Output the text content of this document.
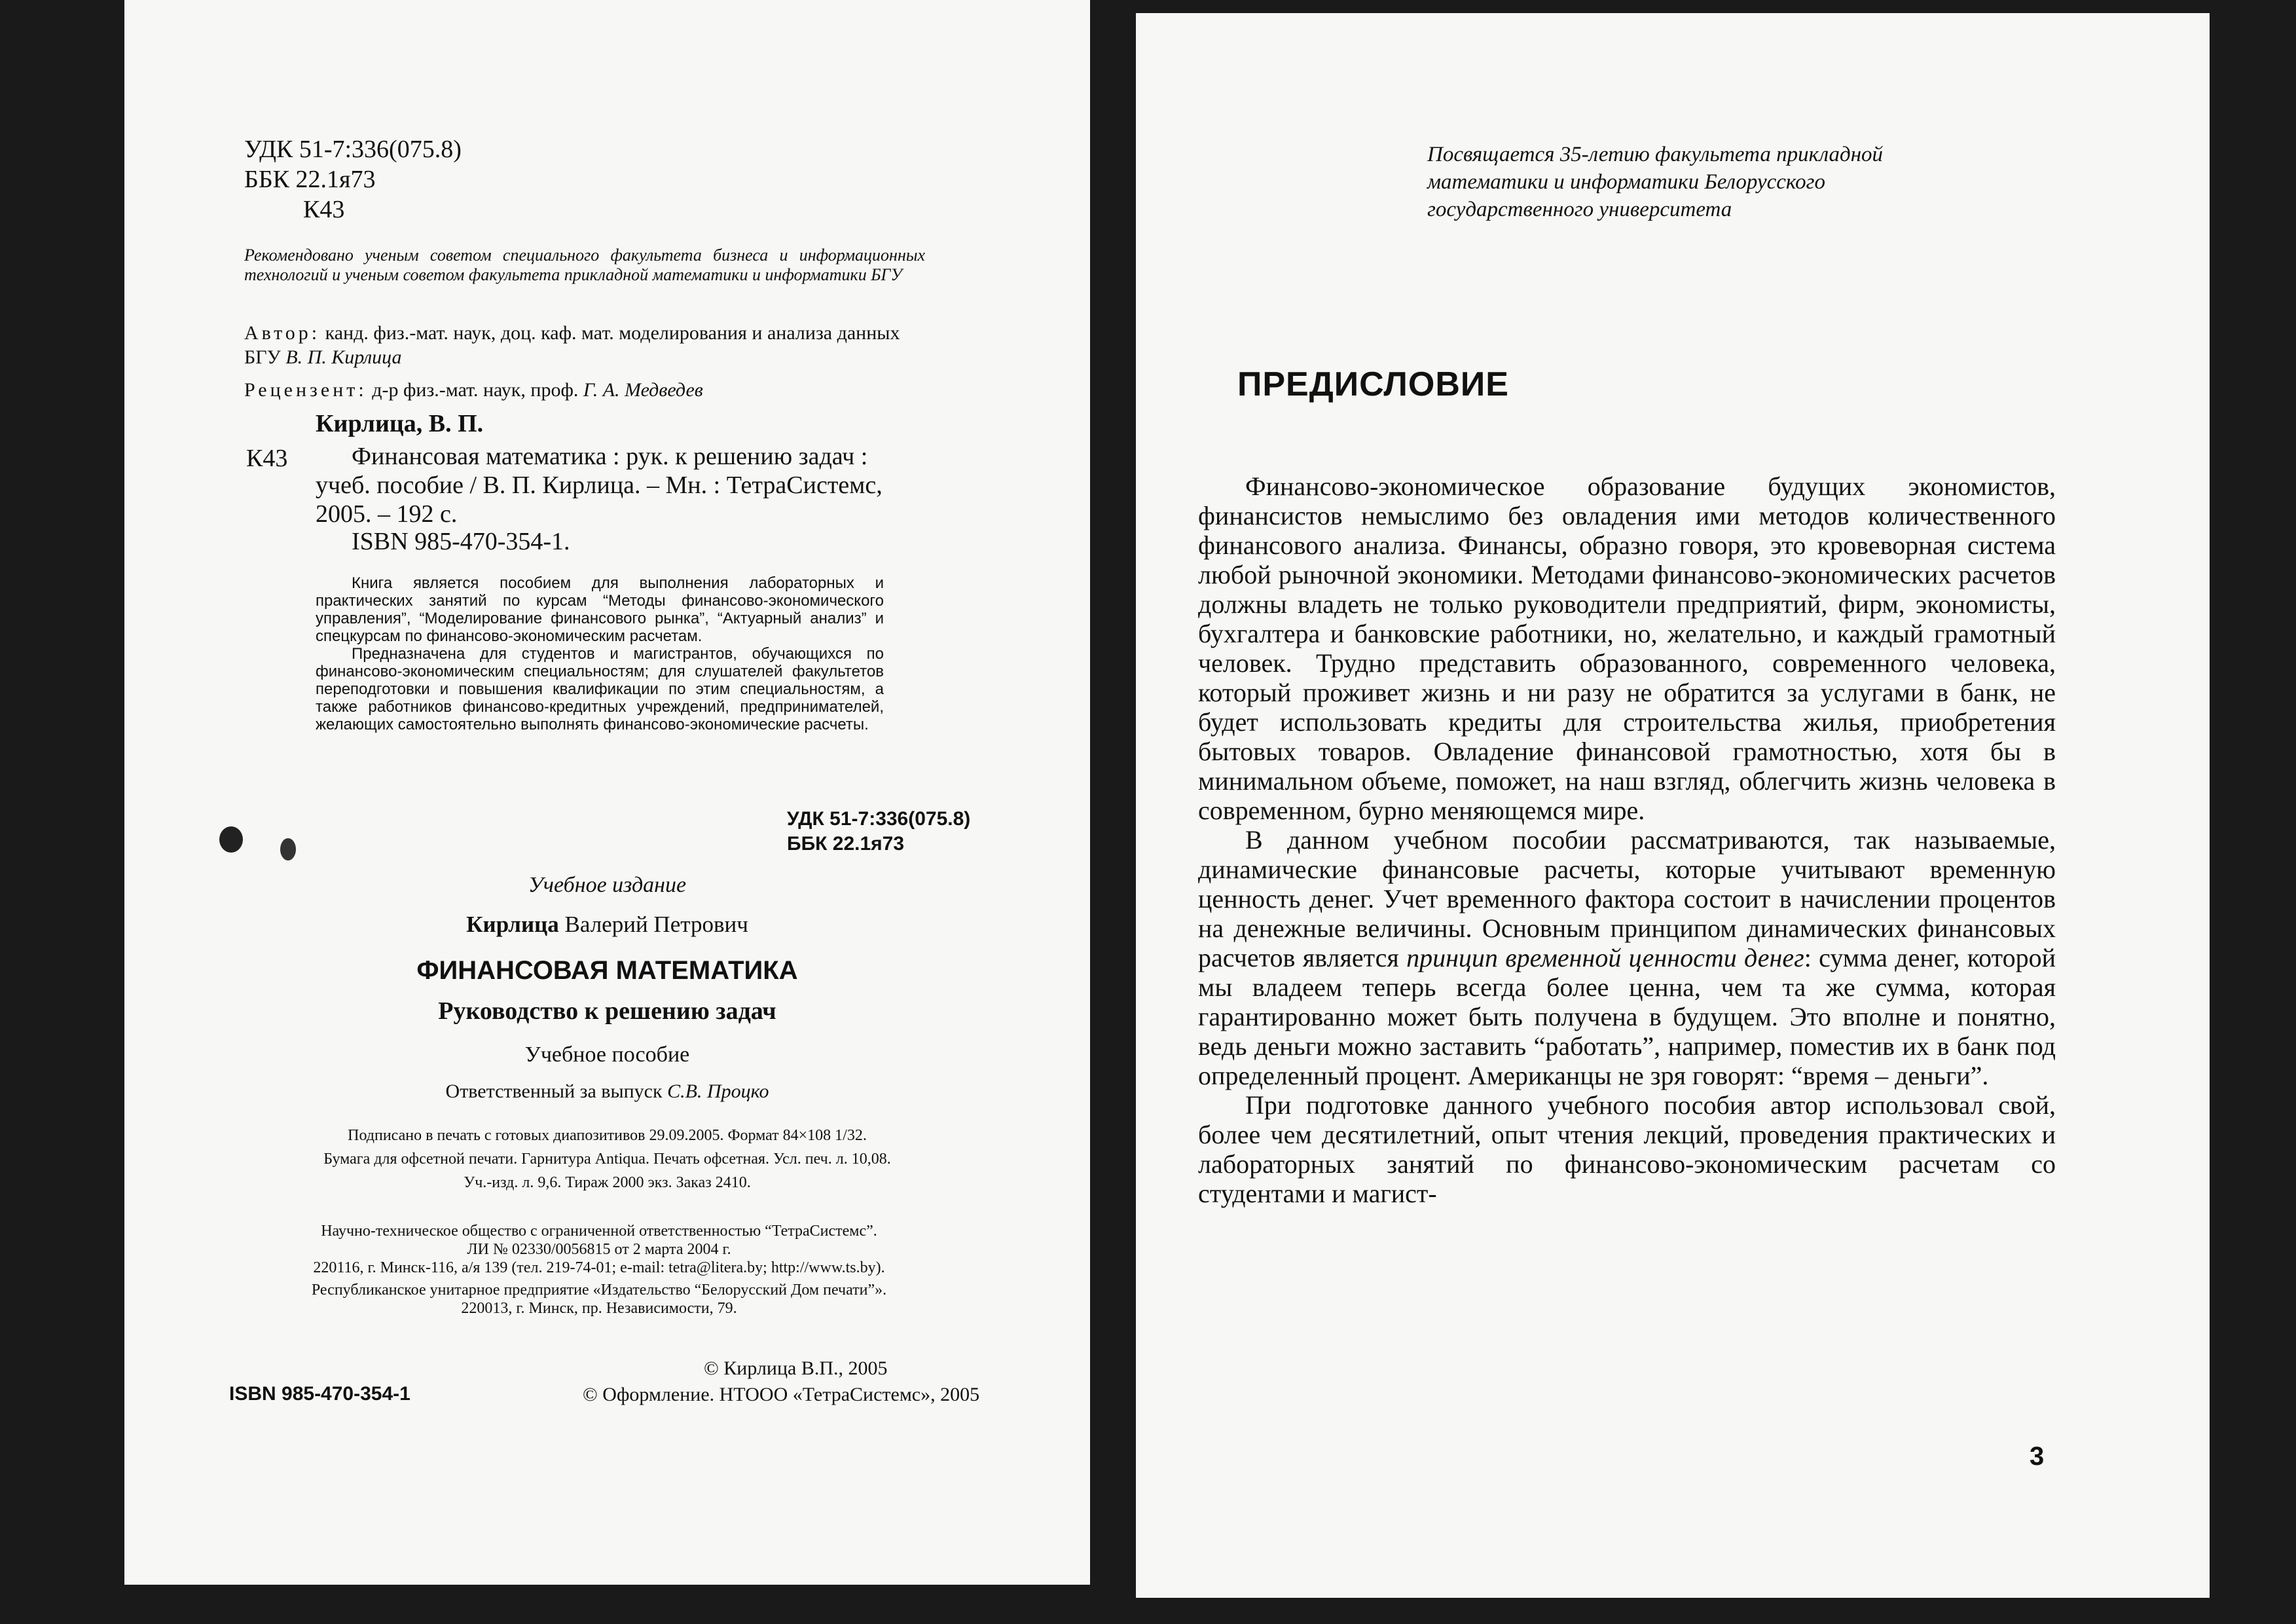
УДК 51-7:336(075.8)
ББК 22.1я73
К43

Рекомендовано ученым советом специального факультета бизнеса и информационных технологий и ученым советом факультета прикладной математики и информатики БГУ

Автор: канд. физ.-мат. наук, доц. каф. мат. моделирования и анализа данных БГУ В. П. Кирлица
Рецензент: д-р физ.-мат. наук, проф. Г. А. Медведев
Кирлица, В. П.
К43	Финансовая математика : рук. к решению задач : учеб. пособие / В. П. Кирлица. – Мн. : ТетраСистемс, 2005. – 192 с.

ISBN 985-470-354-1.

Книга является пособием для выполнения лабораторных и практических занятий по курсам “Методы финансово-экономического управления”, “Моделирование финансового рынка”, “Актуарный анализ” и спецкурсам по финансово-экономическим расчетам.

Предназначена для студентов и магистрантов, обучающихся по финансово-экономическим специальностям; для слушателей факультетов переподготовки и повышения квалификации по этим специальностям, а также работников финансово-кредитных учреждений, предпринимателей, желающих самостоятельно выполнять финансово-экономические расчеты.

УДК 51-7:336(075.8)
ББК 22.1я73
Учебное издание
Кирлица Валерий Петрович
ФИНАНСОВАЯ МАТЕМАТИКА
Руководство к решению задач
Учебное пособие
Ответственный за выпуск С.В. Процко
Подписано в печать с готовых диапозитивов 29.09.2005. Формат 84×108 1/32.
Бумага для офсетной печати. Гарнитура Antiqua. Печать офсетная. Усл. печ. л. 10,08.
Уч.-изд. л. 9,6. Тираж 2000 экз. Заказ 2410.
Научно-техническое общество с ограниченной ответственностью “ТетраСистемс”.
ЛИ № 02330/0056815 от 2 марта 2004 г.
220116, г. Минск-116, а/я 139 (тел. 219-74-01; e-mail: tetra@litera.by; http://www.ts.by).
Республиканское унитарное предприятие «Издательство “Белорусский Дом печати”».
220013, г. Минск, пр. Независимости, 79.
ISBN 985-470-354-1
© Кирлица В.П., 2005
© Оформление. НТООО «ТетраСистемс», 2005

Посвящается 35-летию факультета прикладной математики и информатики Белорусского государственного университета

ПРЕДИСЛОВИЕ

Финансово-экономическое образование будущих экономистов, финансистов немыслимо без овладения ими методов количественного финансового анализа. Финансы, образно говоря, это кровеворная система любой рыночной экономики. Методами финансово-экономических расчетов должны владеть не только руководители предприятий, фирм, экономисты, бухгалтера и банковские работники, но, желательно, и каждый грамотный человек. Трудно представить образованного, современного человека, который проживет жизнь и ни разу не обратится за услугами в банк, не будет использовать кредиты для строительства жилья, приобретения бытовых товаров. Овладение финансовой грамотностью, хотя бы в минимальном объеме, поможет, на наш взгляд, облегчить жизнь человека в современном, бурно меняющемся мире.

В данном учебном пособии рассматриваются, так называемые, динамические финансовые расчеты, которые учитывают временную ценность денег. Учет временного фактора состоит в начислении процентов на денежные величины. Основным принципом динамических финансовых расчетов является принцип временной ценности денег: сумма денег, которой мы владеем теперь всегда более ценна, чем та же сумма, которая гарантированно может быть получена в будущем. Это вполне и понятно, ведь деньги можно заставить “работать”, например, поместив их в банк под определенный процент. Американцы не зря говорят: “время – деньги”.

При подготовке данного учебного пособия автор использовал свой, более чем десятилетний, опыт чтения лекций, проведения практических и лабораторных занятий по финансово-экономическим расчетам со студентами и магист-

3
